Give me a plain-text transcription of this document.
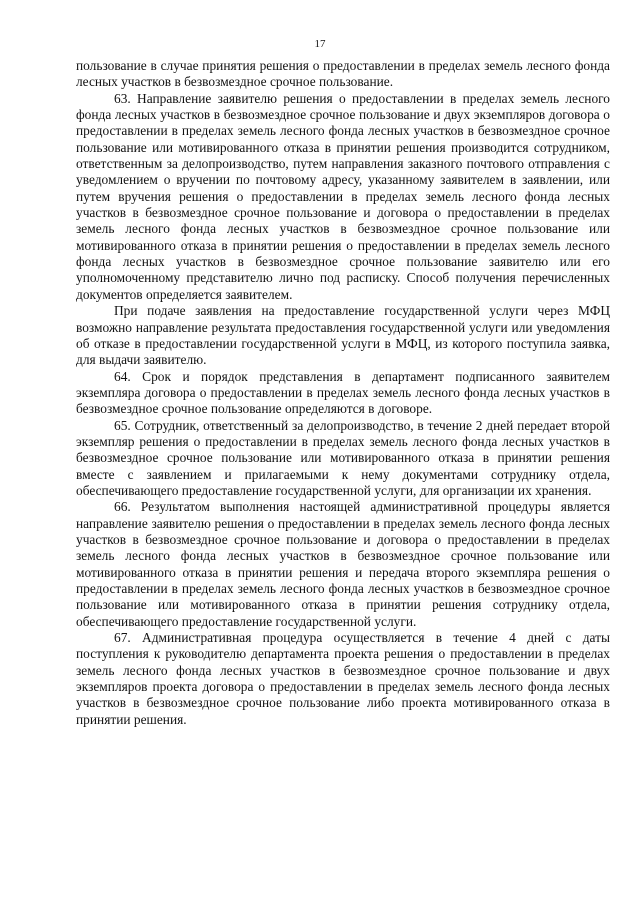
17

пользование в случае принятия решения о предоставлении в пределах земель лесного фонда лесных участков в безвозмездное срочное пользование.

63. Направление заявителю решения о предоставлении в пределах земель лесного фонда лесных участков в безвозмездное срочное пользование и двух экземпляров договора о предоставлении в пределах земель лесного фонда лесных участков в безвозмездное срочное пользование или мотивированного отказа в принятии решения производится сотрудником, ответственным за делопроизводство, путем направления заказного почтового отправления с уведомлением о вручении по почтовому адресу, указанному заявителем в заявлении, или путем вручения решения о предоставлении в пределах земель лесного фонда лесных участков в безвозмездное срочное пользование и договора о предоставлении в пределах земель лесного фонда лесных участков в безвозмездное срочное пользование или мотивированного отказа в принятии решения о предоставлении в пределах земель лесного фонда лесных участков в безвозмездное срочное пользование заявителю или его уполномоченному представителю лично под расписку. Способ получения перечисленных документов определяется заявителем.

При подаче заявления на предоставление государственной услуги через МФЦ возможно направление результата предоставления государственной услуги или уведомления об отказе в предоставлении государственной услуги в МФЦ, из которого поступила заявка, для выдачи заявителю.

64. Срок и порядок представления в департамент подписанного заявителем экземпляра договора о предоставлении в пределах земель лесного фонда лесных участков в безвозмездное срочное пользование определяются в договоре.

65. Сотрудник, ответственный за делопроизводство, в течение 2 дней передает второй экземпляр решения о предоставлении в пределах земель лесного фонда лесных участков в безвозмездное срочное пользование или мотивированного отказа в принятии решения вместе с заявлением и прилагаемыми к нему документами сотруднику отдела, обеспечивающего предоставление государственной услуги, для организации их хранения.

66. Результатом выполнения настоящей административной процедуры является направление заявителю решения о предоставлении в пределах земель лесного фонда лесных участков в безвозмездное срочное пользование и договора о предоставлении в пределах земель лесного фонда лесных участков в безвозмездное срочное пользование или мотивированного отказа в принятии решения и передача второго экземпляра решения о предоставлении в пределах земель лесного фонда лесных участков в безвозмездное срочное пользование или мотивированного отказа в принятии решения сотруднику отдела, обеспечивающего предоставление государственной услуги.

67. Административная процедура осуществляется в течение 4 дней с даты поступления к руководителю департамента проекта решения о предоставлении в пределах земель лесного фонда лесных участков в безвозмездное срочное пользование и двух экземпляров проекта договора о предоставлении в пределах земель лесного фонда лесных участков в безвозмездное срочное пользование либо проекта мотивированного отказа в принятии решения.
